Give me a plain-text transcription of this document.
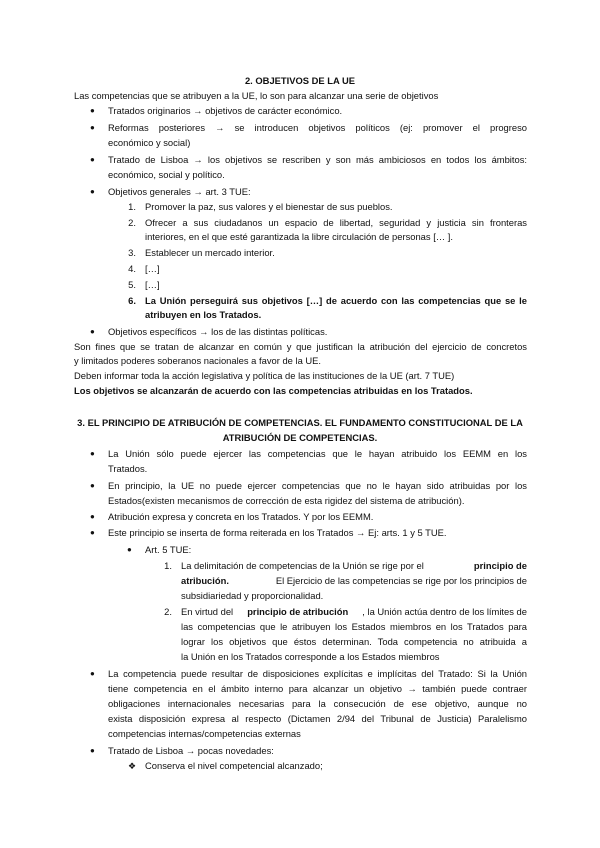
2. OBJETIVOS DE LA UE
Las competencias que se atribuyen a la UE, lo son para alcanzar una serie de objetivos
● Tratados originarios → objetivos de carácter económico.
● Reformas posteriores → se introducen objetivos políticos (ej: promover el progreso
económico y social)
● Tratado de Lisboa → los objetivos se rescriben y son más ambiciosos en todos los ámbitos:
económico, social y político.
● Objetivos generales → art. 3 TUE:
1. Promover la paz, sus valores y el bienestar de sus pueblos.
2. Ofrecer a sus ciudadanos un espacio de libertad, seguridad y justicia sin fronteras
interiores, en el que esté garantizada la libre circulación de personas [… ].
3. Establecer un mercado interior.
4. […]
5. […]
6. La Unión perseguirá sus objetivos […] de acuerdo con las competencias que se le
atribuyen en los Tratados.
● Objetivos específicos → los de las distintas políticas.
Son fines que se tratan de alcanzar en común y que justifican la atribución del ejercicio de concretos
y limitados poderes soberanos nacionales a favor de la UE.
Deben informar toda la acción legislativa y política de las instituciones de la UE (art. 7 TUE)
Los objetivos se alcanzarán de acuerdo con las competencias atribuidas en los Tratados.
3. EL PRINCIPIO DE ATRIBUCIÓN DE COMPETENCIAS. EL FUNDAMENTO CONSTITUCIONAL DE LA
ATRIBUCIÓN DE COMPETENCIAS.
● La Unión sólo puede ejercer las competencias que le hayan atribuido los EEMM en los
Tratados.
● En principio, la UE no puede ejercer competencias que no le hayan sido atribuidas por los
Estados(existen mecanismos de corrección de esta rigidez del sistema de atribución).
● Atribución expresa y concreta en los Tratados. Y por los EEMM.
● Este principio se inserta de forma reiterada en los Tratados → Ej: arts. 1 y 5 TUE.
● Art. 5 TUE:
1. La delimitación de competencias de la Unión se rige por el	principio de
atribución.	El Ejercicio de las competencias se rige por los principios de
subsidiariedad y proporcionalidad.
2. En virtud del principio de atribución , la Unión actúa dentro de los límites de
las competencias que le atribuyen los Estados miembros en los Tratados para
lograr los objetivos que éstos determinan. Toda competencia no atribuida a
la Unión en los Tratados corresponde a los Estados miembros
● La competencia puede resultar de disposiciones explícitas e implícitas del Tratado: Si la Unión
tiene competencia en el ámbito interno para alcanzar un objetivo → también puede contraer
obligaciones internacionales necesarias para la consecución de ese objetivo, aunque no
exista disposición expresa al respecto (Dictamen 2/94 del Tribunal de Justicia) Paralelismo
competencias internas/competencias externas
● Tratado de Lisboa → pocas novedades:
❖ Conserva el nivel competencial alcanzado;
